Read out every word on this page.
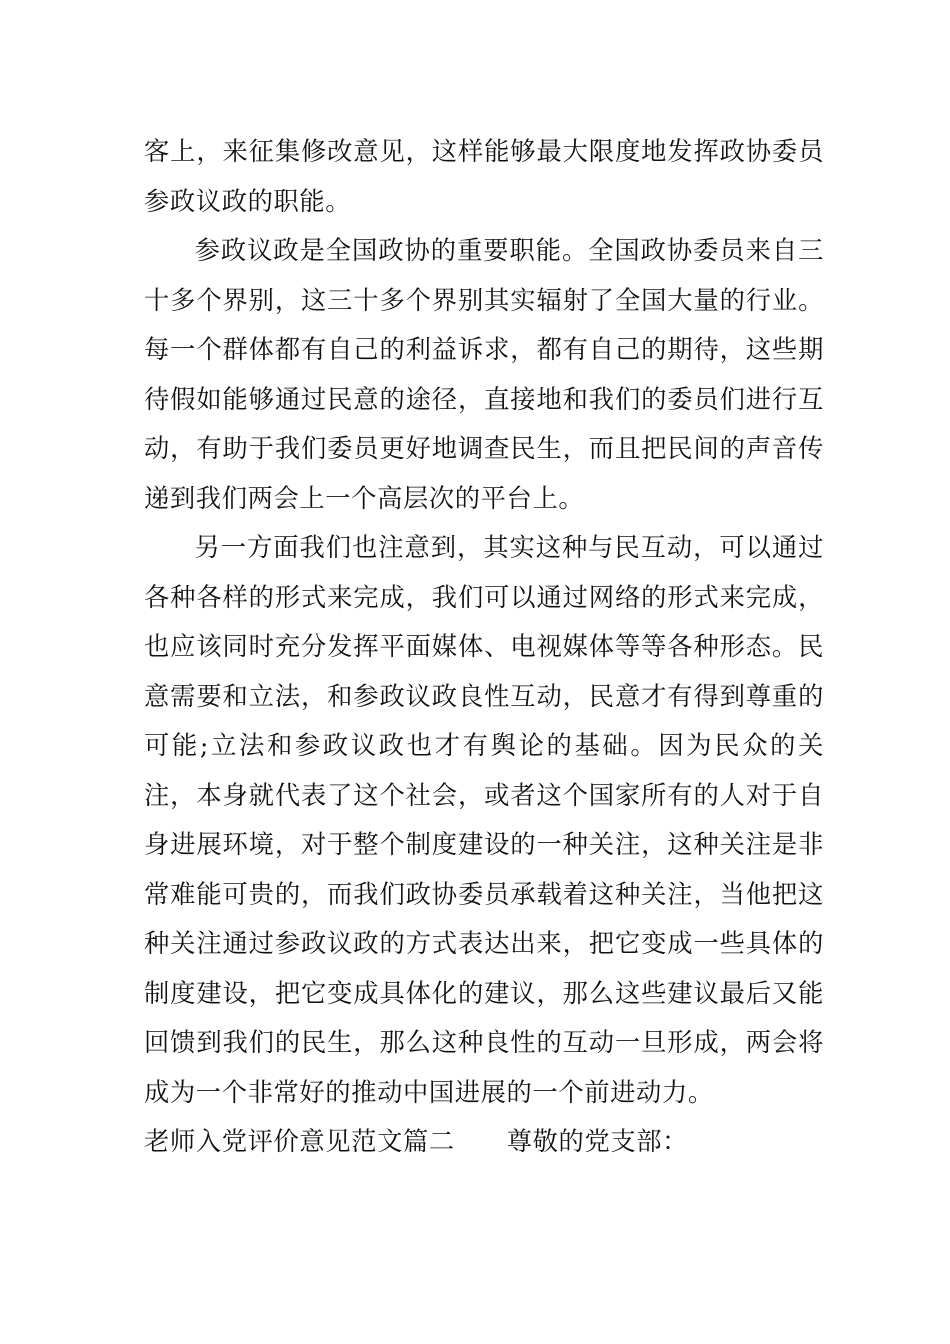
客上，来征集修改意见，这样能够最大限度地发挥政协委员参政议政的职能。

参政议政是全国政协的重要职能。全国政协委员来自三十多个界别，这三十多个界别其实辐射了全国大量的行业。每一个群体都有自己的利益诉求，都有自己的期待，这些期待假如能够通过民意的途径，直接地和我们的委员们进行互动，有助于我们委员更好地调查民生，而且把民间的声音传递到我们两会上一个高层次的平台上。

另一方面我们也注意到，其实这种与民互动，可以通过各种各样的形式来完成，我们可以通过网络的形式来完成，也应该同时充分发挥平面媒体、电视媒体等等各种形态。民意需要和立法，和参政议政良性互动，民意才有得到尊重的可能;立法和参政议政也才有舆论的基础。因为民众的关注，本身就代表了这个社会，或者这个国家所有的人对于自身进展环境，对于整个制度建设的一种关注，这种关注是非常难能可贵的，而我们政协委员承载着这种关注，当他把这种关注通过参政议政的方式表达出来，把它变成一些具体的制度建设，把它变成具体化的建议，那么这些建议最后又能回馈到我们的民生，那么这种良性的互动一旦形成，两会将成为一个非常好的推动中国进展的一个前进动力。

老师入党评价意见范文篇二 尊敬的党支部：
